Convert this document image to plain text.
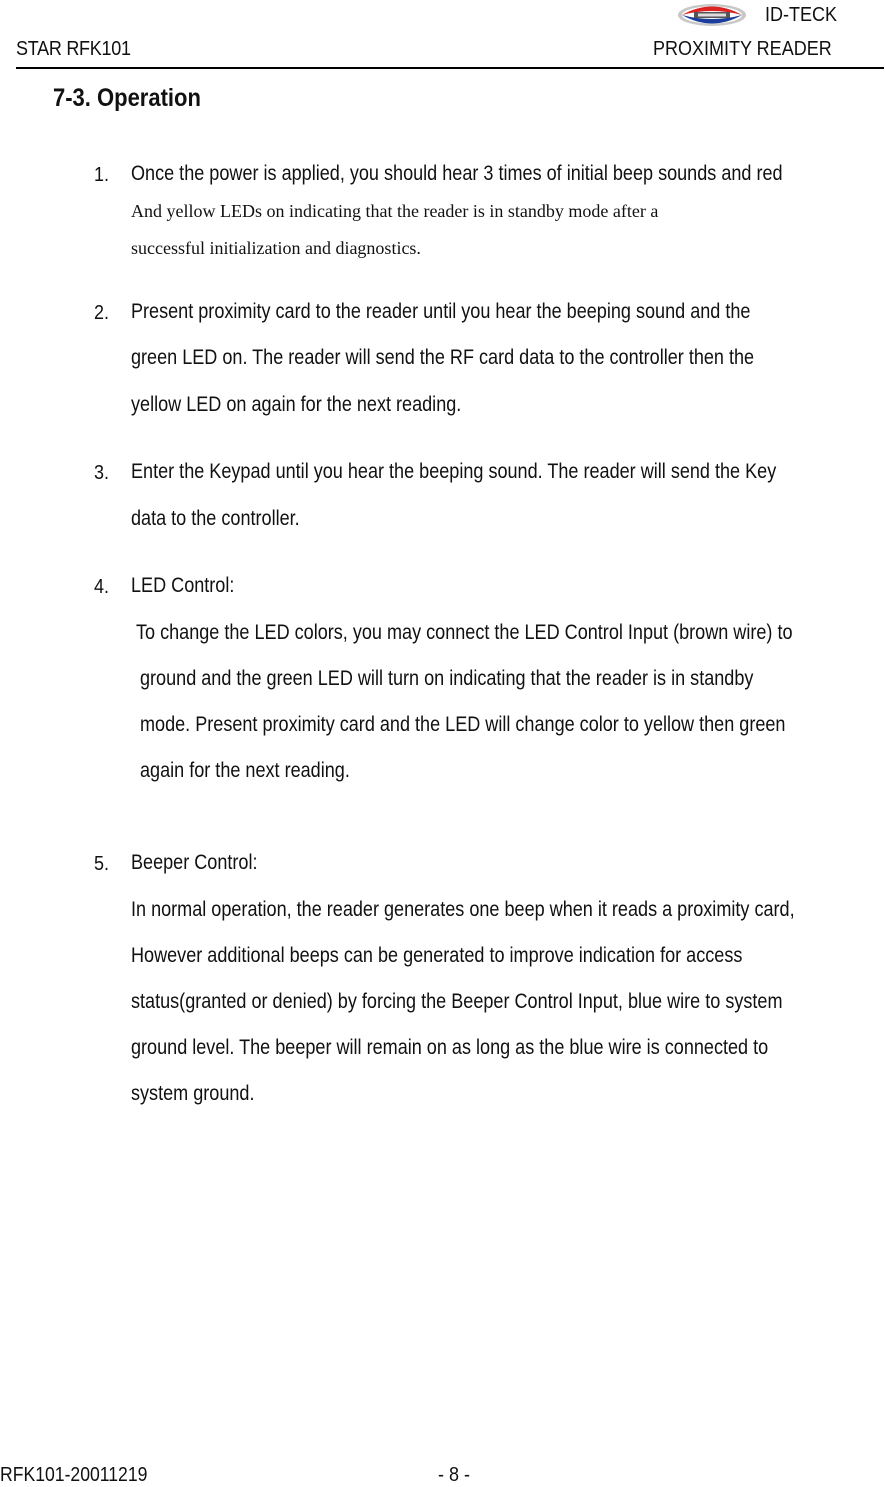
STAR RFK101
ID-TECK
PROXIMITY READER
7-3. Operation
1. Once the power is applied, you should hear 3 times of initial beep sounds and red
And yellow LEDs on indicating that the reader is in standby mode after a
successful initialization and diagnostics.
2. Present proximity card to the reader until you hear the beeping sound and the
green LED on. The reader will send the RF card data to the controller then the
yellow LED on again for the next reading.
3. Enter the Keypad until you hear the beeping sound. The reader will send the Key
data to the controller.
4. LED Control:
To change the LED colors, you may connect the LED Control Input (brown wire) to
ground and the green LED will turn on indicating that the reader is in standby
mode. Present proximity card and the LED will change color to yellow then green
again for the next reading.
5. Beeper Control:
In normal operation, the reader generates one beep when it reads a proximity card,
However additional beeps can be generated to improve indication for access
status(granted or denied) by forcing the Beeper Control Input, blue wire to system
ground level. The beeper will remain on as long as the blue wire is connected to
system ground.
RFK101-20011219	- 8 -
